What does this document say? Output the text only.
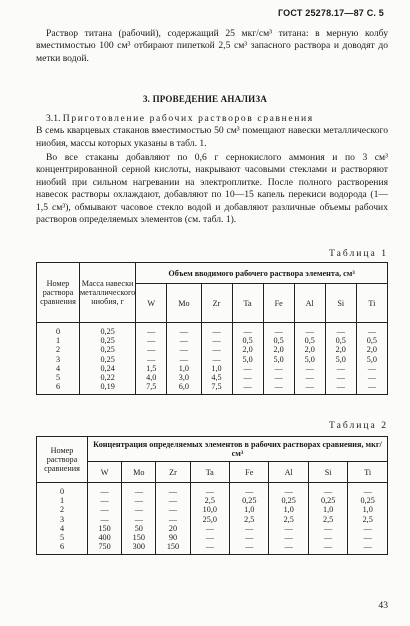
ГОСТ 25278.17—87 С. 5
Раствор титана (рабочий), содержащий 25 мкг/см³ титана: в мерную колбу вместимостью 100 см³ отбирают пипеткой 2,5 см³ запасного раствора и доводят до метки водой.
3. ПРОВЕДЕНИЕ АНАЛИЗА
3.1. Приготовление рабочих растворов сравнения
В семь кварцевых стаканов вместимостью 50 см³ помещают навески металлического ниобия, массы которых указаны в табл. 1.
Во все стаканы добавляют по 0,6 г сернокислого аммония и по 3 см³ концентрированной серной кислоты, накрывают часовыми стеклами и растворяют ниобий при сильном нагревании на электроплитке. После полного растворения навесок растворы охлаждают, добавляют по 10—15 капель перекиси водорода (1—1,5 см³), обмывают часовое стекло водой и добавляют различные объемы рабочих растворов определяемых элементов (см. табл. 1).
Таблица 1
Номер раствора сравнения	Масса навески металлического ниобия, г	Объем вводимого рабочего раствора элемента, см³							
		W	Mo	Zr	Ta	Fe	Al	Si	Ti
0	0,25	—	—	—	—	—	—	—	—
1	0,25	—	—	—	0,5	0,5	0,5	0,5	0,5
2	0,25	—	—	—	2,0	2,0	2,0	2,0	2,0
3	0,25	—	—	—	5,0	5,0	5,0	5,0	5,0
4	0,24	1,5	1,0	1,0	—	—	—	—	—
5	0,22	4,0	3,0	4,5	—	—	—	—	—
6	0,19	7,5	6,0	7,5	—	—	—	—	—
Таблица 2
Номер раствора сравнения	Концентрация определяемых элементов в рабочих растворах сравнения, мкг/см³							
	W	Mo	Zr	Ta	Fe	Al	Si	Ti
0	—	—	—	—	—	—	—	—
1	—	—	—	2,5	0,25	0,25	0,25	0,25
2	—	—	—	10,0	1,0	1,0	1,0	1,0
3	—	—	—	25,0	2,5	2,5	2,5	2,5
4	150	50	20	—	—	—	—	—
5	400	150	90	—	—	—	—	—
6	750	300	150	—	—	—	—	—
43
